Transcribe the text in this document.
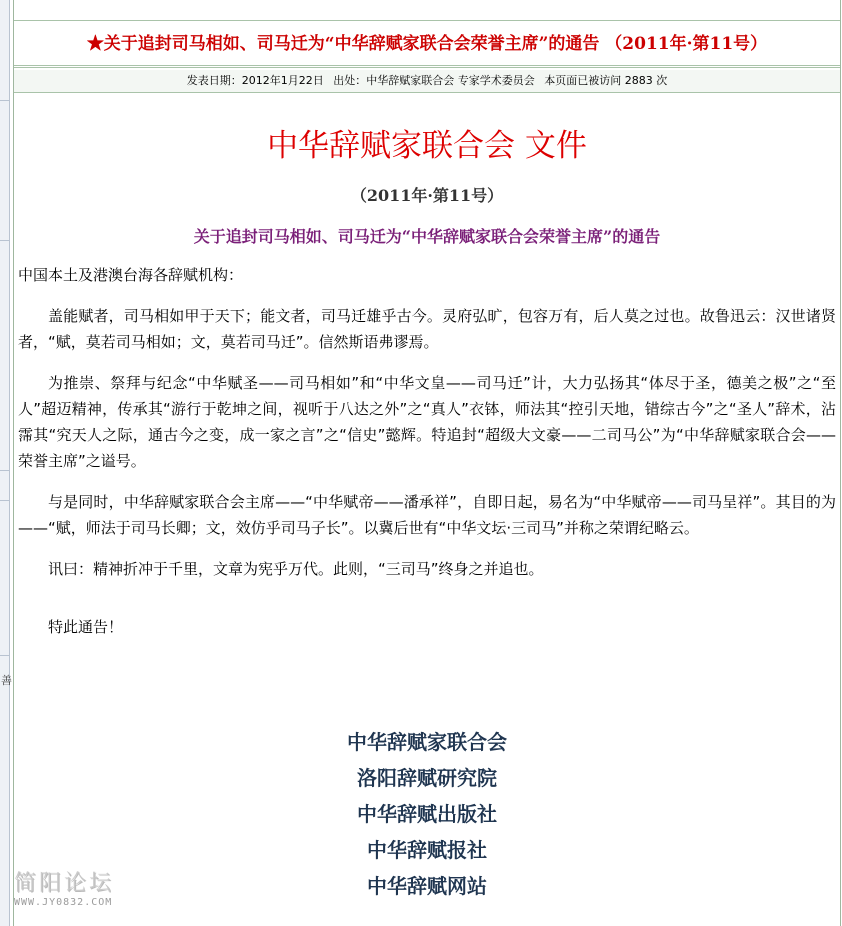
善
★关于追封司马相如、司马迁为“中华辞赋家联合会荣誉主席”的通告 （2011年·第11号）
发表日期：2012年1月22日 出处：中华辞赋家联合会 专家学术委员会 本页面已被访问 2883 次
中华辞赋家联合会 文件
（2011年·第11号）
关于追封司马相如、司马迁为“中华辞赋家联合会荣誉主席”的通告

中国本土及港澳台海各辞赋机构：

盖能赋者，司马相如甲于天下；能文者，司马迁雄乎古今。灵府弘旷，包容万有，后人莫之过也。故鲁迅云：汉世诸贤者，“赋，莫若司马相如；文，莫若司马迁”。信然斯语弗谬焉。

为推崇、祭拜与纪念“中华赋圣——司马相如”和“中华文皇——司马迁”计，大力弘扬其“体尽于圣，德美之极”之“至人”超迈精神，传承其“游行于乾坤之间，视听于八达之外”之“真人”衣钵，师法其“控引天地，错综古今”之“圣人”辞术，沾霈其“究天人之际，通古今之变，成一家之言”之“信史”懿辉。特追封“超级大文豪——二司马公”为“中华辞赋家联合会——荣誉主席”之谥号。

与是同时，中华辞赋家联合会主席——“中华赋帝——潘承祥”，自即日起，易名为“中华赋帝——司马呈祥”。其目的为——“赋，师法于司马长卿；文，效仿乎司马子长”。以冀后世有“中华文坛·三司马”并称之荣谓纪略云。

讯曰：精神折冲于千里，文章为宪乎万代。此则，“三司马”终身之并追也。

特此通告！

中华辞赋家联合会
洛阳辞赋研究院
中华辞赋出版社
中华辞赋报社
中华辞赋网站
简阳论坛
WWW.JY0832.COM
